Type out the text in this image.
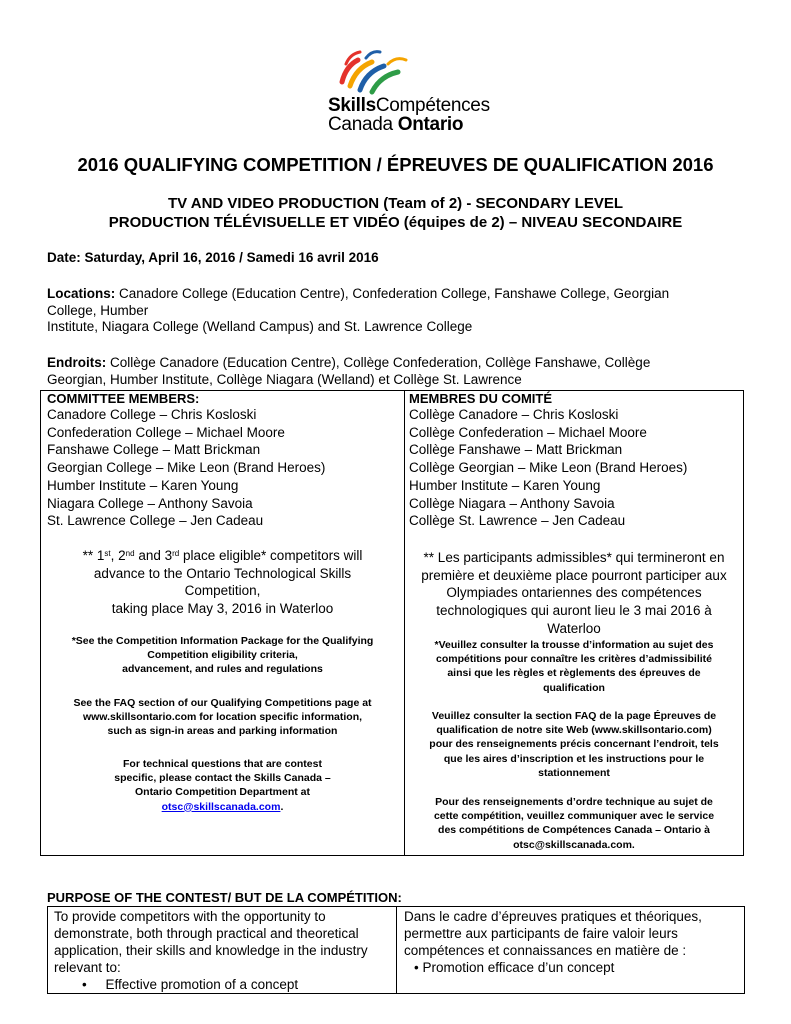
SkillsCompétences
Canada Ontario
2016 QUALIFYING COMPETITION / ÉPREUVES DE QUALIFICATION 2016
TV AND VIDEO PRODUCTION (Team of 2) - SECONDARY LEVEL
PRODUCTION TÉLÉVISUELLE ET VIDÉO (équipes de 2) – NIVEAU SECONDAIRE
Date: Saturday, April 16, 2016 / Samedi 16 avril 2016
Locations: Canadore College (Education Centre), Confederation College, Fanshawe College, Georgian
College, Humber
Institute, Niagara College (Welland Campus) and St. Lawrence College
Endroits: Collège Canadore (Education Centre), Collège Confederation, Collège Fanshawe, Collège
Georgian, Humber Institute, Collège Niagara (Welland) et Collège St. Lawrence
COMMITTEE MEMBERS:
Canadore College – Chris Kosloski
Confederation College – Michael Moore
Fanshawe College – Matt Brickman
Georgian College – Mike Leon (Brand Heroes)
Humber Institute – Karen Young
Niagara College – Anthony Savoia
St. Lawrence College – Jen Cadeau
** 1st, 2nd and 3rd place eligible* competitors will
advance to the Ontario Technological Skills
Competition,
taking place May 3, 2016 in Waterloo
*See the Competition Information Package for the Qualifying
Competition eligibility criteria,
advancement, and rules and regulations
See the FAQ section of our Qualifying Competitions page at
www.skillsontario.com for location specific information,
such as sign-in areas and parking information
For technical questions that are contest
specific, please contact the Skills Canada –
Ontario Competition Department at
otsc@skillscanada.com.
MEMBRES DU COMITÉ
Collège Canadore – Chris Kosloski
Collège Confederation – Michael Moore
Collège Fanshawe – Matt Brickman
Collège Georgian – Mike Leon (Brand Heroes)
Humber Institute – Karen Young
Collège Niagara – Anthony Savoia
Collège St. Lawrence – Jen Cadeau
** Les participants admissibles* qui termineront en
première et deuxième place pourront participer aux
Olympiades ontariennes des compétences
technologiques qui auront lieu le 3 mai 2016 à
Waterloo
*Veuillez consulter la trousse d’information au sujet des
compétitions pour connaître les critères d’admissibilité
ainsi que les règles et règlements des épreuves de
qualification
Veuillez consulter la section FAQ de la page Épreuves de
qualification de notre site Web (www.skillsontario.com)
pour des renseignements précis concernant l’endroit, tels
que les aires d’inscription et les instructions pour le
stationnement
Pour des renseignements d’ordre technique au sujet de
cette compétition, veuillez communiquer avec le service
des compétitions de Compétences Canada – Ontario à
otsc@skillscanada.com.
PURPOSE OF THE CONTEST/ BUT DE LA COMPÉTITION:
To provide competitors with the opportunity to
demonstrate, both through practical and theoretical
application, their skills and knowledge in the industry
relevant to:
•     Effective promotion of a concept
Dans le cadre d’épreuves pratiques et théoriques,
permettre aux participants de faire valoir leurs
compétences et connaissances en matière de :
• Promotion efficace d’un concept
